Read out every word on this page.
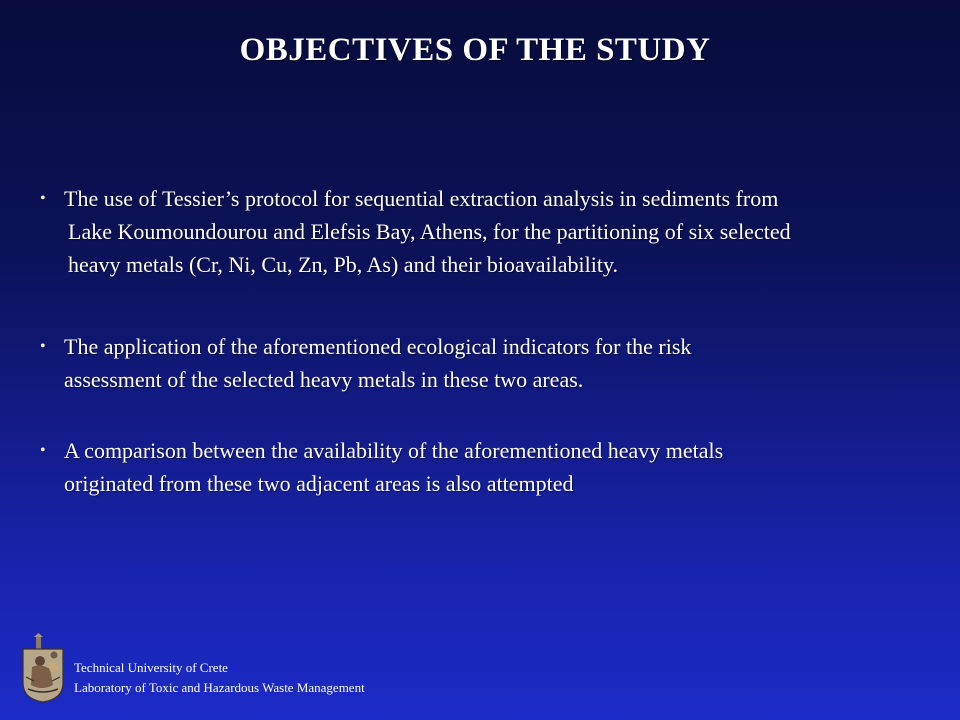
OBJECTIVES OF THE STUDY
• The use of Tessier’s protocol for sequential extraction analysis in sediments from
Lake Koumoundourou and Elefsis Bay, Athens, for the partitioning of six selected
heavy metals (Cr, Ni, Cu, Zn, Pb, As) and their bioavailability.
• The application of the aforementioned ecological indicators for the risk
assessment of the selected heavy metals in these two areas.
• A comparison between the availability of the aforementioned heavy metals
originated from these two adjacent areas is also attempted
Technical University of Crete
Laboratory of Toxic and Hazardous Waste Management
